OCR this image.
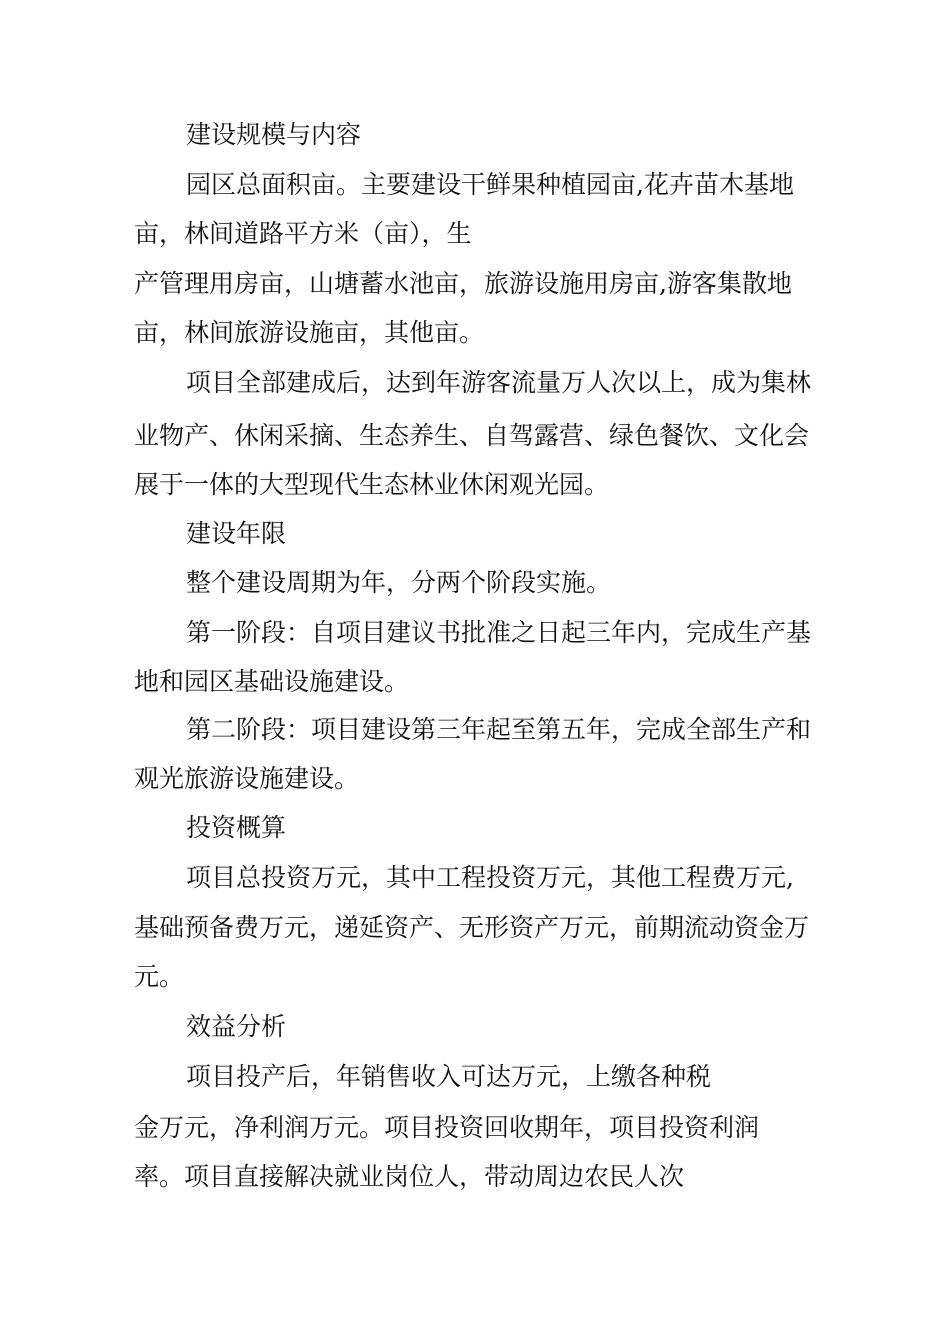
建设规模与内容

园区总面积亩。主要建设干鲜果种植园亩,花卉苗木基地

亩，林间道路平方米（亩），生

产管理用房亩，山塘蓄水池亩，旅游设施用房亩,游客集散地

亩，林间旅游设施亩，其他亩。

项目全部建成后，达到年游客流量万人次以上，成为集林

业物产、休闲采摘、生态养生、自驾露营、绿色餐饮、文化会

展于一体的大型现代生态林业休闲观光园。

建设年限

整个建设周期为年，分两个阶段实施。

第一阶段：自项目建议书批准之日起三年内，完成生产基

地和园区基础设施建设。

第二阶段：项目建设第三年起至第五年，完成全部生产和

观光旅游设施建设。

投资概算

项目总投资万元，其中工程投资万元，其他工程费万元,

基础预备费万元，递延资产、无形资产万元，前期流动资金万

元。

效益分析

项目投产后，年销售收入可达万元，上缴各种税

金万元，净利润万元。项目投资回收期年，项目投资利润

率。项目直接解决就业岗位人，带动周边农民人次
